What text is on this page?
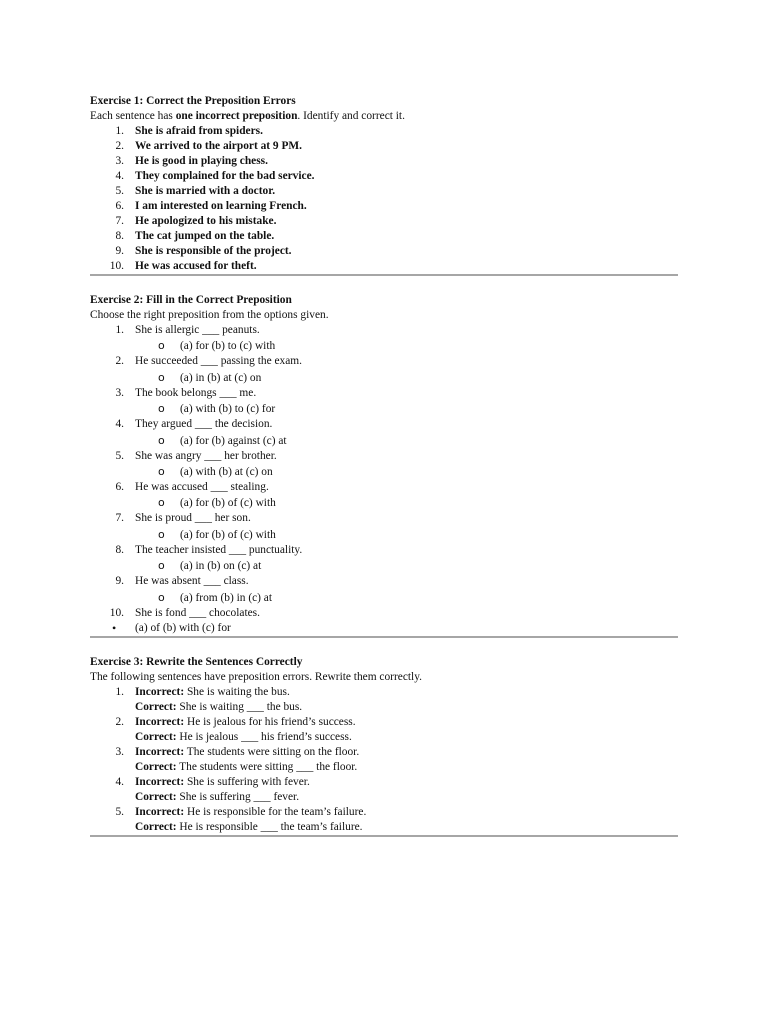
Exercise 1: Correct the Preposition Errors
Each sentence has one incorrect preposition. Identify and correct it.
1. She is afraid from spiders.
2. We arrived to the airport at 9 PM.
3. He is good in playing chess.
4. They complained for the bad service.
5. She is married with a doctor.
6. I am interested on learning French.
7. He apologized to his mistake.
8. The cat jumped on the table.
9. She is responsible of the project.
10. He was accused for theft.
Exercise 2: Fill in the Correct Preposition
Choose the right preposition from the options given.
1. She is allergic ___ peanuts.
o (a) for (b) to (c) with
2. He succeeded ___ passing the exam.
o (a) in (b) at (c) on
3. The book belongs ___ me.
o (a) with (b) to (c) for
4. They argued ___ the decision.
o (a) for (b) against (c) at
5. She was angry ___ her brother.
o (a) with (b) at (c) on
6. He was accused ___ stealing.
o (a) for (b) of (c) with
7. She is proud ___ her son.
o (a) for (b) of (c) with
8. The teacher insisted ___ punctuality.
o (a) in (b) on (c) at
9. He was absent ___ class.
o (a) from (b) in (c) at
10. She is fond ___ chocolates.
• (a) of (b) with (c) for
Exercise 3: Rewrite the Sentences Correctly
The following sentences have preposition errors. Rewrite them correctly.
1. Incorrect: She is waiting the bus.
Correct: She is waiting ___ the bus.
2. Incorrect: He is jealous for his friend’s success.
Correct: He is jealous ___ his friend’s success.
3. Incorrect: The students were sitting on the floor.
Correct: The students were sitting ___ the floor.
4. Incorrect: She is suffering with fever.
Correct: She is suffering ___ fever.
5. Incorrect: He is responsible for the team’s failure.
Correct: He is responsible ___ the team’s failure.
